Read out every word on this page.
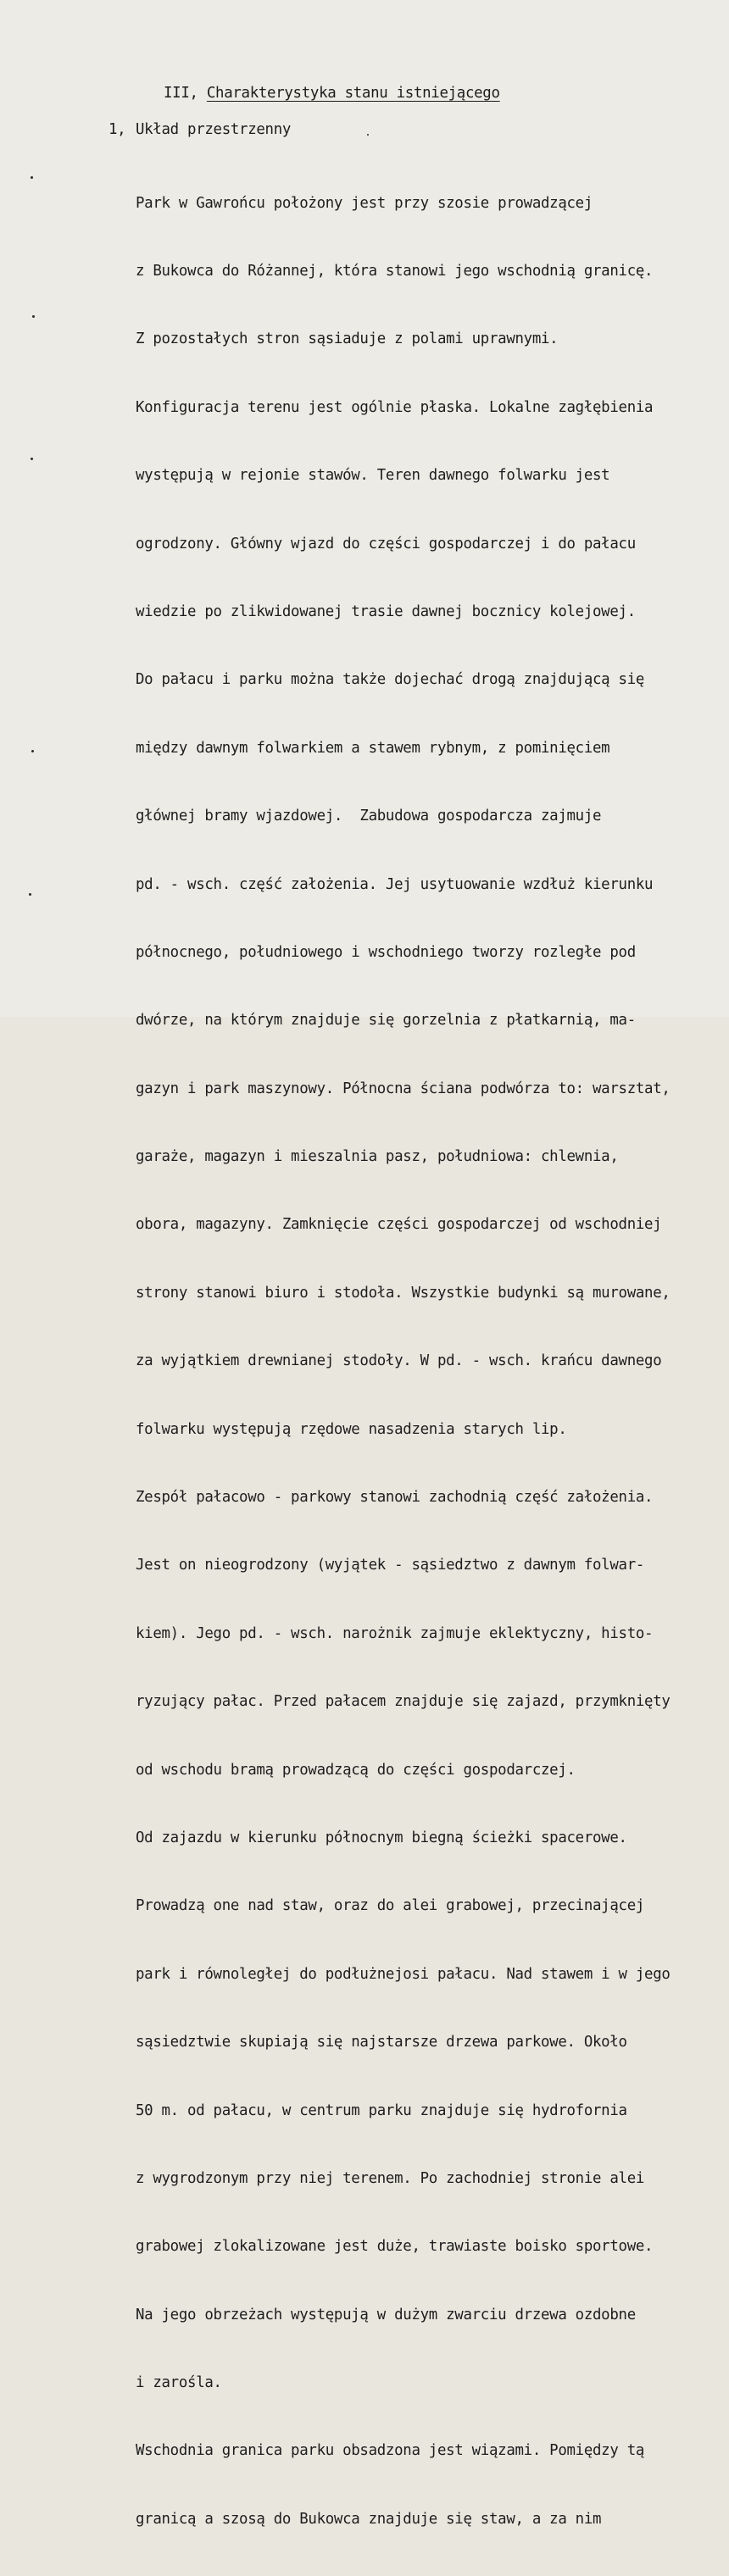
III, Charakterystyka stanu istniejącego
1, Układ przestrzenny

Park w Gawrońcu położony jest przy szosie prowadzącej

z Bukowca do Różannej, która stanowi jego wschodnią granicę.

Z pozostałych stron sąsiaduje z polami uprawnymi.

Konfiguracja terenu jest ogólnie płaska. Lokalne zagłębienia

występują w rejonie stawów. Teren dawnego folwarku jest

ogrodzony. Główny wjazd do części gospodarczej i do pałacu

wiedzie po zlikwidowanej trasie dawnej bocznicy kolejowej.

Do pałacu i parku można także dojechać drogą znajdującą się

między dawnym folwarkiem a stawem rybnym, z pominięciem

głównej bramy wjazdowej.  Zabudowa gospodarcza zajmuje

pd. - wsch. część założenia. Jej usytuowanie wzdłuż kierunku

północnego, południowego i wschodniego tworzy rozległe pod

dwórze, na którym znajduje się gorzelnia z płatkarnią, ma-

gazyn i park maszynowy. Północna ściana podwórza to: warsztat,

garaże, magazyn i mieszalnia pasz, południowa: chlewnia,

obora, magazyny. Zamknięcie części gospodarczej od wschodniej

strony stanowi biuro i stodoła. Wszystkie budynki są murowane,

za wyjątkiem drewnianej stodoły. W pd. - wsch. krańcu dawnego

folwarku występują rzędowe nasadzenia starych lip.

Zespół pałacowo - parkowy stanowi zachodnią część założenia.

Jest on nieogrodzony (wyjątek - sąsiedztwo z dawnym folwar-

kiem). Jego pd. - wsch. narożnik zajmuje eklektyczny, histo-

ryzujący pałac. Przed pałacem znajduje się zajazd, przymknięty

od wschodu bramą prowadzącą do części gospodarczej.

Od zajazdu w kierunku północnym biegną ścieżki spacerowe.

Prowadzą one nad staw, oraz do alei grabowej, przecinającej

park i równoległej do podłużnejosi pałacu. Nad stawem i w jego

sąsiedztwie skupiają się najstarsze drzewa parkowe. Około

50 m. od pałacu, w centrum parku znajduje się hydrofornia

z wygrodzonym przy niej terenem. Po zachodniej stronie alei

grabowej zlokalizowane jest duże, trawiaste boisko sportowe.

Na jego obrzeżach występują w dużym zwarciu drzewa ozdobne

i zarośla.

Wschodnia granica parku obsadzona jest wiązami. Pomiędzy tą

granicą a szosą do Bukowca znajduje się staw, a za nim
